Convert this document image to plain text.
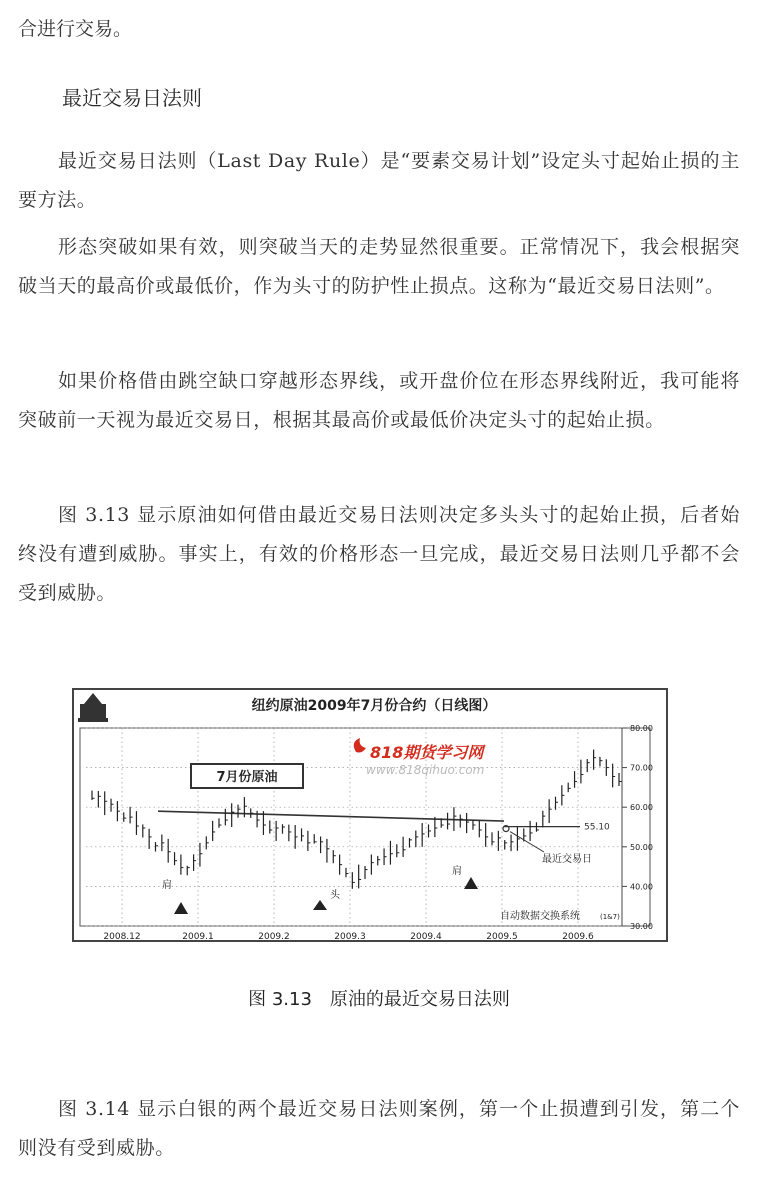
合进行交易。

最近交易日法则

最近交易日法则（Last Day Rule）是“要素交易计划”设定头寸起始止损的主要方法。

形态突破如果有效，则突破当天的走势显然很重要。正常情况下，我会根据突破当天的最高价或最低价，作为头寸的防护性止损点。这称为“最近交易日法则”。

如果价格借由跳空缺口穿越形态界线，或开盘价位在形态界线附近，我可能将突破前一天视为最近交易日，根据其最高价或最低价决定头寸的起始止损。

图 3.13 显示原油如何借由最近交易日法则决定多头头寸的起始止损，后者始终没有遭到威胁。事实上，有效的价格形态一旦完成，最近交易日法则几乎都不会受到威胁。

纽约原油2009年7月份合约（日线图）
80.00
70.00
60.00
50.00
40.00
30.00
2008.12	2009.1	2009.2	2009.3	2009.4	2009.5	2009.6
7月份原油
818期货学习网
www.818qihuo.com
55.10
最近交易日
肩
头
肩
自动数据交换系统	(1&7)

图 3.13　原油的最近交易日法则

图 3.14 显示白银的两个最近交易日法则案例，第一个止损遭到引发，第二个则没有受到威胁。
